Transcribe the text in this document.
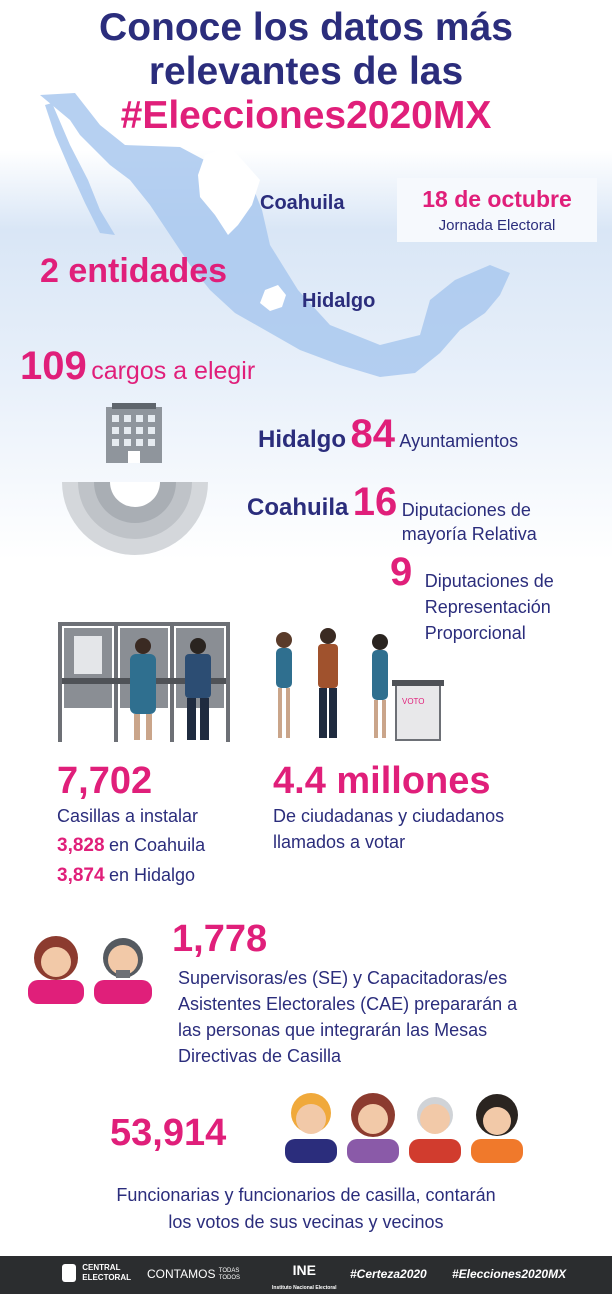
Conoce los datos más
relevantes de las
#Elecciones2020MX
Coahuila
Hidalgo
18 de octubre
Jornada Electoral
2 entidades
109 cargos a elegir
Hidalgo 84 Ayuntamientos
Coahuila 16 Diputaciones de
mayoría Relativa
9 Diputaciones de
Representación
Proporcional
VOTO
7,702
Casillas a instalar
3,828 en Coahuila
3,874 en Hidalgo
4.4 millones
De ciudadanas y ciudadanos
llamados a votar
1,778
Supervisoras/es (SE) y Capacitadoras/es
Asistentes Electorales (CAE) prepararán a
las personas que integrarán las Mesas
Directivas de Casilla
53,914
Funcionarias y funcionarios de casilla, contarán
los votos de sus vecinas y vecinos
CENTRAL
ELECTORAL CONTAMOS TODAS
TODOS	INE
Instituto Nacional Electoral
#Certeza2020 #Elecciones2020MX
